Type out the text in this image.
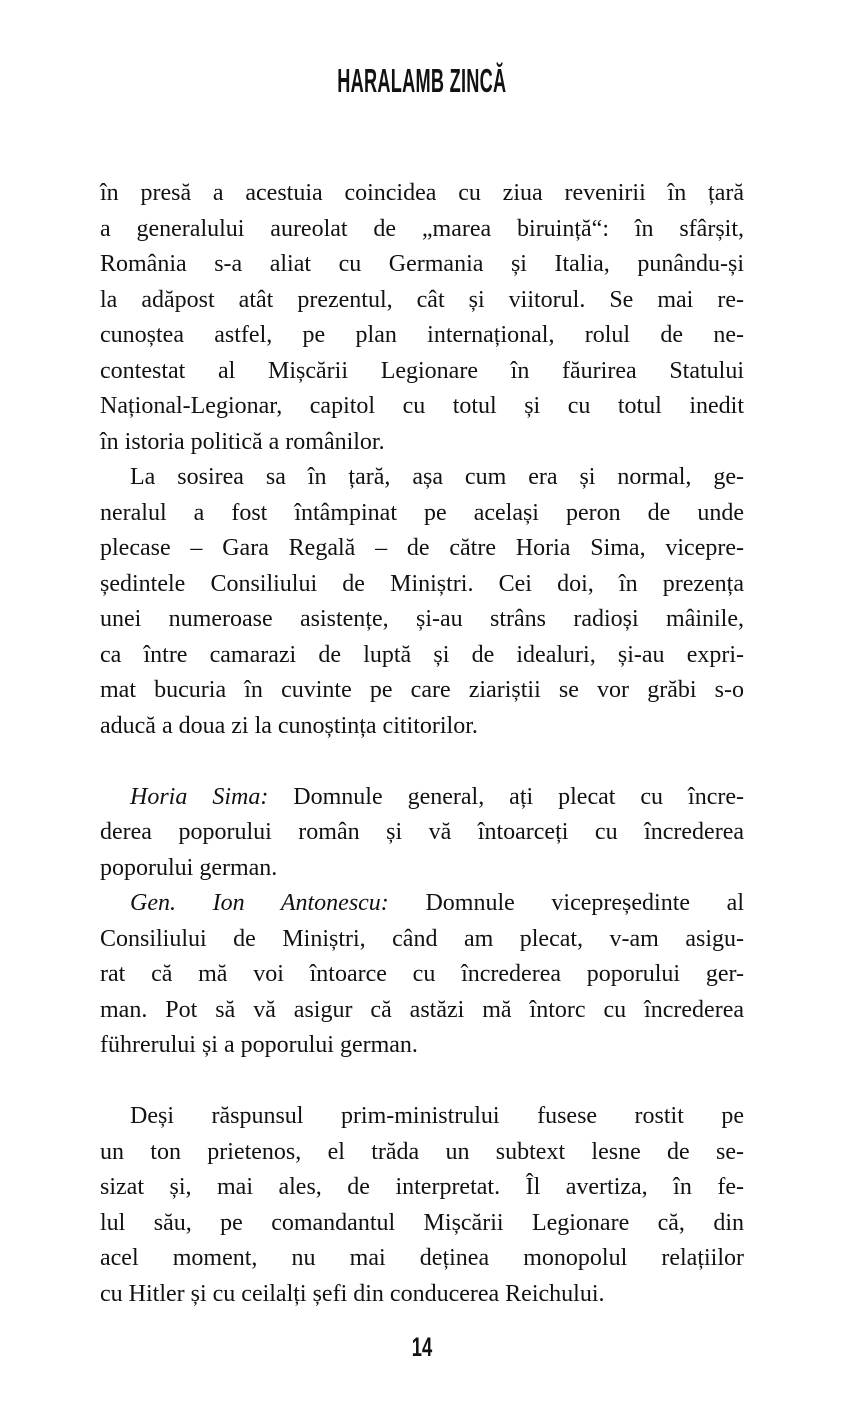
HARALAMB ZINCĂ
în presă a acestuia coincidea cu ziua revenirii în țară
a generalului aureolat de „marea biruință“: în sfârșit,
România s-a aliat cu Germania și Italia, punându-și
la adăpost atât prezentul, cât și viitorul. Se mai re-
cunoștea astfel, pe plan internațional, rolul de ne-
contestat al Mișcării Legionare în făurirea Statului
Național-Legionar, capitol cu totul și cu totul inedit
în istoria politică a românilor.
La sosirea sa în țară, așa cum era și normal, ge-
neralul a fost întâmpinat pe același peron de unde
plecase – Gara Regală – de către Horia Sima, vicepre-
ședintele Consiliului de Miniștri. Cei doi, în prezența
unei numeroase asistențe, și-au strâns radioși mâinile,
ca între camarazi de luptă și de idealuri, și-au expri-
mat bucuria în cuvinte pe care ziariștii se vor grăbi s-o
aducă a doua zi la cunoștința cititorilor.
Horia Sima: Domnule general, ați plecat cu încre-
derea poporului român și vă întoarceți cu încrederea
poporului german.
Gen. Ion Antonescu: Domnule vicepreședinte al
Consiliului de Miniștri, când am plecat, v-am asigu-
rat că mă voi întoarce cu încrederea poporului ger-
man. Pot să vă asigur că astăzi mă întorc cu încrederea
führerului și a poporului german.
Deși răspunsul prim-ministrului fusese rostit pe
un ton prietenos, el trăda un subtext lesne de se-
sizat și, mai ales, de interpretat. Îl avertiza, în fe-
lul său, pe comandantul Mișcării Legionare că, din
acel moment, nu mai deținea monopolul relațiilor
cu Hitler și cu ceilalți șefi din conducerea Reichului.
14
